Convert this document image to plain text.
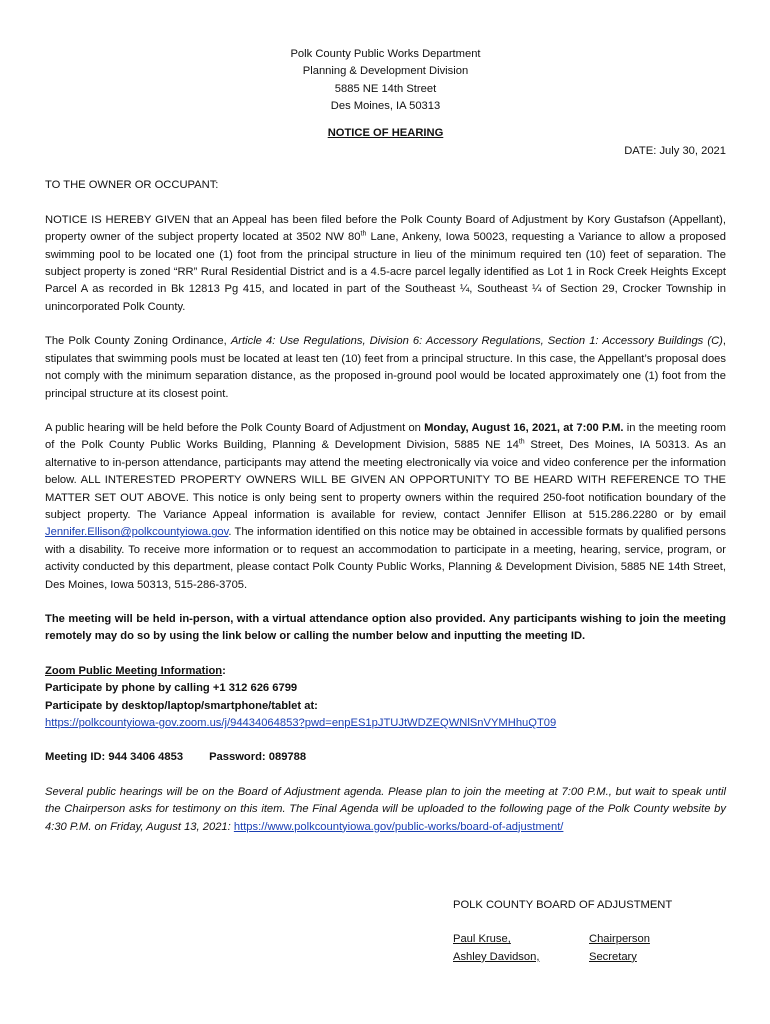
Polk County Public Works Department
Planning & Development Division
5885 NE 14th Street
Des Moines, IA 50313
NOTICE OF HEARING
DATE: July 30, 2021
TO THE OWNER OR OCCUPANT:

NOTICE IS HEREBY GIVEN that an Appeal has been filed before the Polk County Board of Adjustment by Kory Gustafson (Appellant), property owner of the subject property located at 3502 NW 80th Lane, Ankeny, Iowa 50023, requesting a Variance to allow a proposed swimming pool to be located one (1) foot from the principal structure in lieu of the minimum required ten (10) feet of separation. The subject property is zoned “RR” Rural Residential District and is a 4.5-acre parcel legally identified as Lot 1 in Rock Creek Heights Except Parcel A as recorded in Bk 12813 Pg 415, and located in part of the Southeast ¼, Southeast ¼ of Section 29, Crocker Township in unincorporated Polk County.

The Polk County Zoning Ordinance, Article 4: Use Regulations, Division 6: Accessory Regulations, Section 1: Accessory Buildings (C), stipulates that swimming pools must be located at least ten (10) feet from a principal structure. In this case, the Appellant’s proposal does not comply with the minimum separation distance, as the proposed in-ground pool would be located approximately one (1) foot from the principal structure at its closest point.

A public hearing will be held before the Polk County Board of Adjustment on Monday, August 16, 2021, at 7:00 P.M. in the meeting room of the Polk County Public Works Building, Planning & Development Division, 5885 NE 14th Street, Des Moines, IA 50313. As an alternative to in-person attendance, participants may attend the meeting electronically via voice and video conference per the information below. ALL INTERESTED PROPERTY OWNERS WILL BE GIVEN AN OPPORTUNITY TO BE HEARD WITH REFERENCE TO THE MATTER SET OUT ABOVE. This notice is only being sent to property owners within the required 250-foot notification boundary of the subject property. The Variance Appeal information is available for review, contact Jennifer Ellison at 515.286.2280 or by email Jennifer.Ellison@polkcountyiowa.gov. The information identified on this notice may be obtained in accessible formats by qualified persons with a disability. To receive more information or to request an accommodation to participate in a meeting, hearing, service, program, or activity conducted by this department, please contact Polk County Public Works, Planning & Development Division, 5885 NE 14th Street, Des Moines, Iowa 50313, 515-286-3705.

The meeting will be held in-person, with a virtual attendance option also provided. Any participants wishing to join the meeting remotely may do so by using the link below or calling the number below and inputting the meeting ID.

Zoom Public Meeting Information:
Participate by phone by calling +1 312 626 6799
Participate by desktop/laptop/smartphone/tablet at:
https://polkcountyiowa-gov.zoom.us/j/94434064853?pwd=enpES1pJTUJtWDZEQWNlSnVYMHhuQT09
Meeting ID: 944 3406 4853 Password: 089788

Several public hearings will be on the Board of Adjustment agenda. Please plan to join the meeting at 7:00 P.M., but wait to speak until the Chairperson asks for testimony on this item. The Final Agenda will be uploaded to the following page of the Polk County website by 4:30 P.M. on Friday, August 13, 2021: https://www.polkcountyiowa.gov/public-works/board-of-adjustment/

POLK COUNTY BOARD OF ADJUSTMENT
Paul Kruse,	Chairperson
Ashley Davidson,	Secretary
